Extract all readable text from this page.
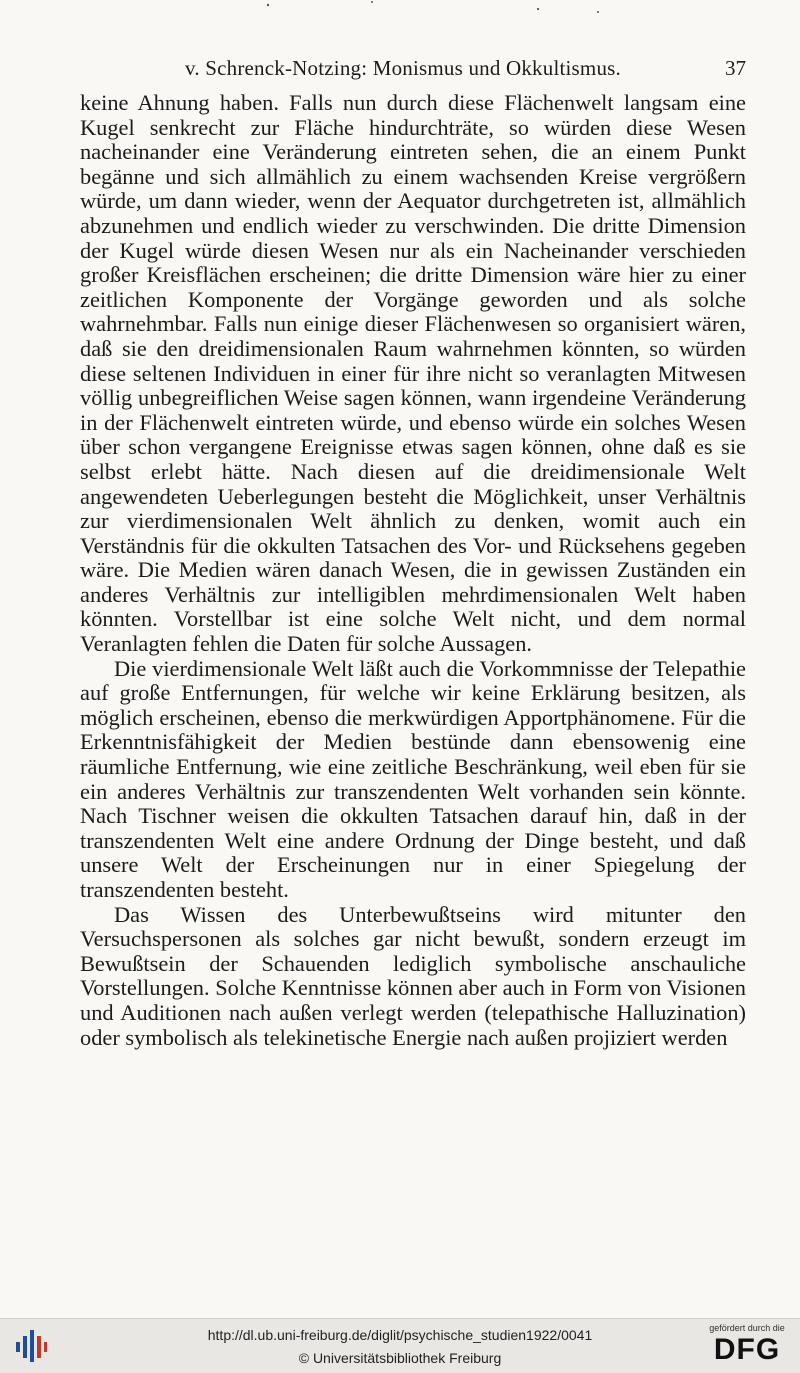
v. Schrenck-Notzing: Monismus und Okkultismus.	37

keine Ahnung haben. Falls nun durch diese Flächenwelt langsam eine Kugel senkrecht zur Fläche hindurchträte, so würden diese Wesen nacheinander eine Veränderung eintreten sehen, die an einem Punkt begänne und sich allmählich zu einem wachsenden Kreise vergrößern würde, um dann wieder, wenn der Aequator durchgetreten ist, allmählich abzunehmen und endlich wieder zu verschwinden. Die dritte Dimension der Kugel würde diesen Wesen nur als ein Nacheinander verschieden großer Kreisflächen erscheinen; die dritte Dimension wäre hier zu einer zeitlichen Komponente der Vorgänge geworden und als solche wahrnehmbar. Falls nun einige dieser Flächenwesen so organisiert wären, daß sie den dreidimensionalen Raum wahrnehmen könnten, so würden diese seltenen Individuen in einer für ihre nicht so veranlagten Mitwesen völlig unbegreiflichen Weise sagen können, wann irgendeine Veränderung in der Flächenwelt eintreten würde, und ebenso würde ein solches Wesen über schon vergangene Ereignisse etwas sagen können, ohne daß es sie selbst erlebt hätte. Nach diesen auf die dreidimensionale Welt angewendeten Ueberlegungen besteht die Möglichkeit, unser Verhältnis zur vierdimensionalen Welt ähnlich zu denken, womit auch ein Verständnis für die okkulten Tatsachen des Vor- und Rücksehens gegeben wäre. Die Medien wären danach Wesen, die in gewissen Zuständen ein anderes Verhältnis zur intelligiblen mehrdimensionalen Welt haben könnten. Vorstellbar ist eine solche Welt nicht, und dem normal Veranlagten fehlen die Daten für solche Aussagen.

Die vierdimensionale Welt läßt auch die Vorkommnisse der Telepathie auf große Entfernungen, für welche wir keine Erklärung besitzen, als möglich erscheinen, ebenso die merkwürdigen Apportphänomene. Für die Erkenntnisfähigkeit der Medien bestünde dann ebensowenig eine räumliche Entfernung, wie eine zeitliche Beschränkung, weil eben für sie ein anderes Verhältnis zur transzendenten Welt vorhanden sein könnte. Nach Tischner weisen die okkulten Tatsachen darauf hin, daß in der transzendenten Welt eine andere Ordnung der Dinge besteht, und daß unsere Welt der Erscheinungen nur in einer Spiegelung der transzendenten besteht.

Das Wissen des Unterbewußtseins wird mitunter den Versuchspersonen als solches gar nicht bewußt, sondern erzeugt im Bewußtsein der Schauenden lediglich symbolische anschauliche Vorstellungen. Solche Kenntnisse können aber auch in Form von Visionen und Auditionen nach außen verlegt werden (telepathische Halluzination) oder symbolisch als telekinetische Energie nach außen projiziert werden

http://dl.ub.uni-freiburg.de/diglit/psychische_studien1922/0041
© Universitätsbibliothek Freiburg
gefördert durch die
DFG
